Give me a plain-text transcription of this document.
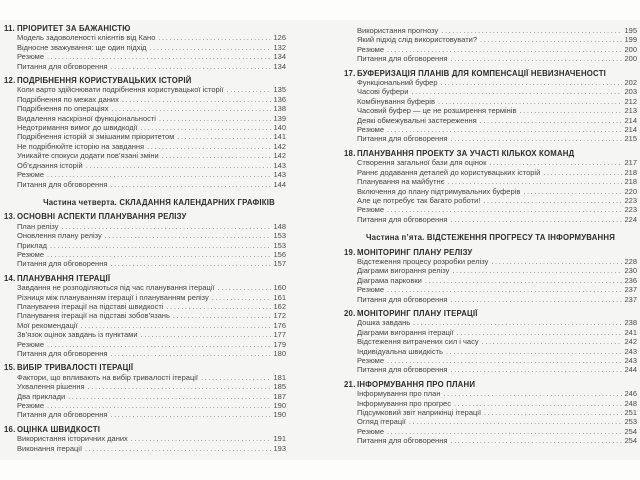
11. ПРІОРИТЕТ ЗА БАЖАНІСТЮ
Модель задоволеності клієнтів від Кано .....	126
Відносне зважування: ще один підхід .....	132
Резюме .....	134
Питання для обговорення .....	134
12. ПОДРІБНЕННЯ КОРИСТУВАЦЬКИХ ІСТОРІЙ
Коли варто здійснювати подрібнення користувацької історії .....	135
Подрібнення по межах даних .....	136
Подрібнення по операціях .....	138
Видалення наскрізної функціональності .....	139
Недотримання вимог до швидкодії .....	140
Подрібнення історій зі змішаним пріоритетом .....	141
Не подрібнюйте історію на завдання .....	142
Уникайте спокуси додати пов’язані зміни .....	142
Об’єднання історій .....	143
Резюме .....	143
Питання для обговорення .....	144
Частина четверта. СКЛАДАННЯ КАЛЕНДАРНИХ ГРАФІКІВ
13. ОСНОВНІ АСПЕКТИ ПЛАНУВАННЯ РЕЛІЗУ
План релізу .....	148
Оновлення плану релізу .....	153
Приклад .....	153
Резюме .....	156
Питання для обговорення .....	157
14. ПЛАНУВАННЯ ІТЕРАЦІЇ
Завдання не розподіляються під час планування ітерації .....	160
Різниця між плануванням ітерації і плануванням релізу .....	161
Планування ітерації на підставі швидкості .....	162
Планування ітерації на підставі зобов’язань .....	172
Мої рекомендації .....	176
Зв’язок оцінок завдань із пунктами .....	177
Резюме .....	179
Питання для обговорення .....	180
15. ВИБІР ТРИВАЛОСТІ ІТЕРАЦІЇ
Фактори, що впливають на вибір тривалості ітерації .....	181
Ухвалення рішення .....	185
Два приклади .....	187
Резюме .....	190
Питання для обговорення .....	190
16. ОЦІНКА ШВИДКОСТІ
Використання історичних даних .....	191
Виконання ітерації .....	193
Використання прогнозу .....	195
Який підхід слід використовувати? .....	199
Резюме .....	200
Питання для обговорення .....	200
17. БУФЕРИЗАЦІЯ ПЛАНІВ ДЛЯ КОМПЕНСАЦІЇ НЕВИЗНАЧЕНОСТІ
Функціональний буфер .....	202
Часові буфери .....	203
Комбінування буферів .....	212
Часовий буфер — це не розширення термінів .....	213
Деякі обмежувальні застереження .....	214
Резюме .....	214
Питання для обговорення .....	215
18. ПЛАНУВАННЯ ПРОЕКТУ ЗА УЧАСТІ КІЛЬКОХ КОМАНД
Створення загальної бази для оцінок .....	217
Раннє додавання деталей до користувацьких історій .....	218
Планування на майбутнє .....	218
Включення до плану підтримувальних буферів .....	220
Але це потребує так багато роботи! .....	223
Резюме .....	223
Питання для обговорення .....	224
Частина п’ята. ВІДСТЕЖЕННЯ ПРОГРЕСУ ТА ІНФОРМУВАННЯ
19. МОНІТОРИНГ ПЛАНУ РЕЛІЗУ
Відстеження процесу розробки релізу .....	228
Діаграми вигорання релізу .....	230
Діаграма парковки .....	236
Резюме .....	237
Питання для обговорення .....	237
20. МОНІТОРИНГ ПЛАНУ ІТЕРАЦІЇ
Дошка завдань .....	238
Діаграми вигорання ітерації .....	241
Відстеження витрачених сил і часу .....	242
Індивідуальна швидкість .....	243
Резюме .....	243
Питання для обговорення .....	244
21. ІНФОРМУВАННЯ ПРО ПЛАНИ
Інформування про план .....	246
Інформування про прогрес .....	248
Підсумковий звіт наприкінці ітерації .....	251
Огляд ітерації .....	253
Резюме .....	254
Питання для обговорення .....	254
